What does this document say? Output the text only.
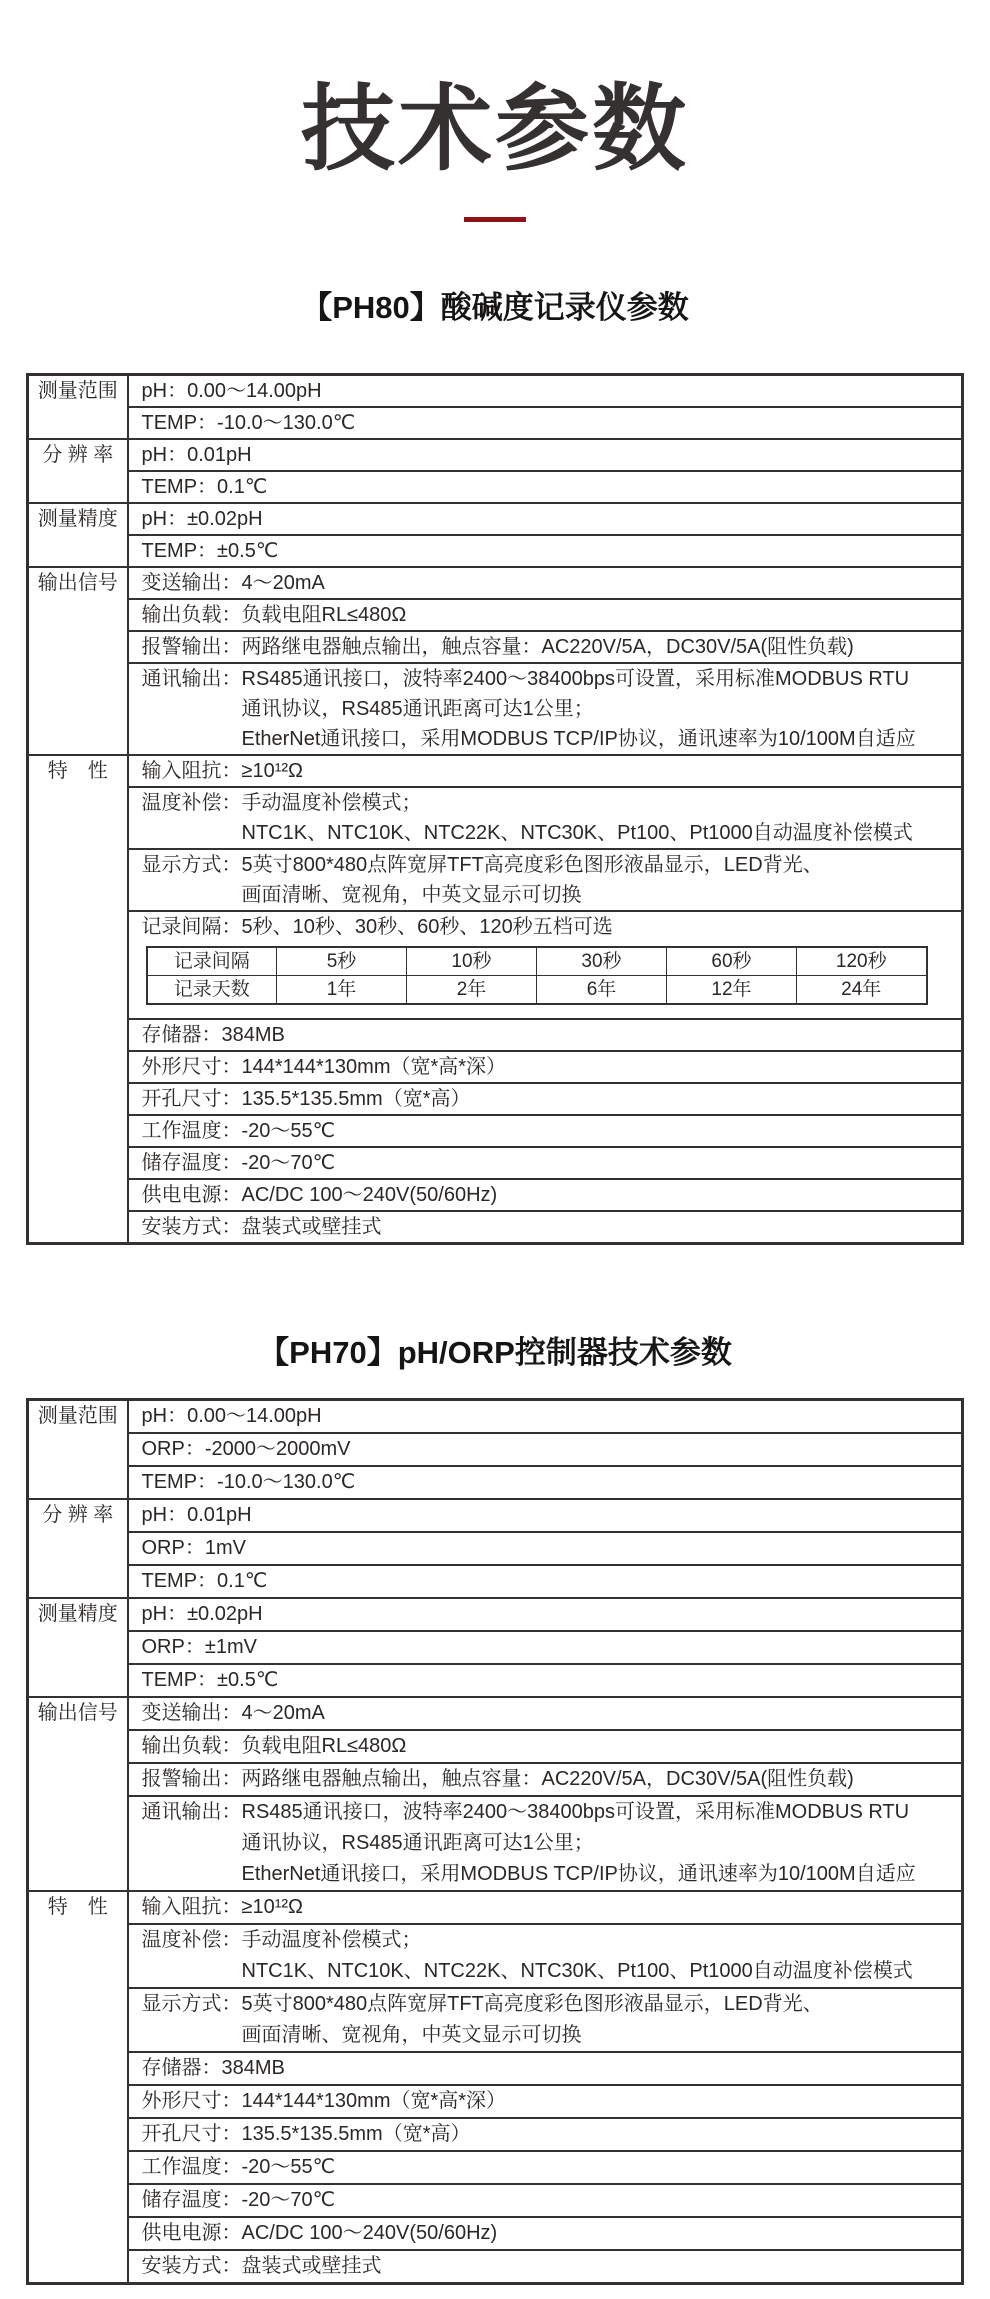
技术参数
【PH80】酸碱度记录仪参数
测量范围	pH：0.00～14.00pH

TEMP：-10.0～130.0℃

分 辨 率	pH：0.01pH

TEMP：0.1℃

测量精度	pH：±0.02pH

TEMP：±0.5℃

输出信号	变送输出：4～20mA

输出负载：负载电阻RL≤480Ω

报警输出：两路继电器触点输出，触点容量：AC220V/5A，DC30V/5A(阻性负载)

通讯输出：RS485通讯接口，波特率2400～38400bps可设置，采用标准MODBUS RTU
通讯协议，RS485通讯距离可达1公里；
EtherNet通讯接口，采用MODBUS TCP/IP协议，通讯速率为10/100M自适应

特　性	输入阻抗：≥10¹²Ω

温度补偿：手动温度补偿模式；
NTC1K、NTC10K、NTC22K、NTC30K、Pt100、Pt1000自动温度补偿模式

显示方式：5英寸800*480点阵宽屏TFT高亮度彩色图形液晶显示，LED背光、
画面清晰、宽视角，中英文显示可切换

记录间隔：5秒、10秒、30秒、60秒、120秒五档可选
记录间隔	5秒	10秒	30秒	60秒	120秒
记录天数	1年	2年	6年	12年	24年

存储器：384MB

外形尺寸：144*144*130mm（宽*高*深）

开孔尺寸：135.5*135.5mm（宽*高）

工作温度：-20～55℃

储存温度：-20～70℃

供电电源：AC/DC 100～240V(50/60Hz)

安装方式：盘装式或壁挂式
【PH70】pH/ORP控制器技术参数
测量范围	pH：0.00～14.00pH

	ORP：-2000～2000mV

	TEMP：-10.0～130.0℃

分 辨 率	pH：0.01pH

	ORP：1mV

	TEMP：0.1℃

测量精度	pH：±0.02pH

	ORP：±1mV

	TEMP：±0.5℃

输出信号	变送输出：4～20mA

	输出负载：负载电阻RL≤480Ω

	报警输出：两路继电器触点输出，触点容量：AC220V/5A，DC30V/5A(阻性负载)

	通讯输出：RS485通讯接口，波特率2400～38400bps可设置，采用标准MODBUS RTU
通讯协议，RS485通讯距离可达1公里；
EtherNet通讯接口，采用MODBUS TCP/IP协议，通讯速率为10/100M自适应

特　性	输入阻抗：≥10¹²Ω

	温度补偿：手动温度补偿模式；
NTC1K、NTC10K、NTC22K、NTC30K、Pt100、Pt1000自动温度补偿模式

	显示方式：5英寸800*480点阵宽屏TFT高亮度彩色图形液晶显示，LED背光、
画面清晰、宽视角，中英文显示可切换

	存储器：384MB

	外形尺寸：144*144*130mm（宽*高*深）

	开孔尺寸：135.5*135.5mm（宽*高）

	工作温度：-20～55℃

	储存温度：-20～70℃

	供电电源：AC/DC 100～240V(50/60Hz)

	安装方式：盘装式或壁挂式
